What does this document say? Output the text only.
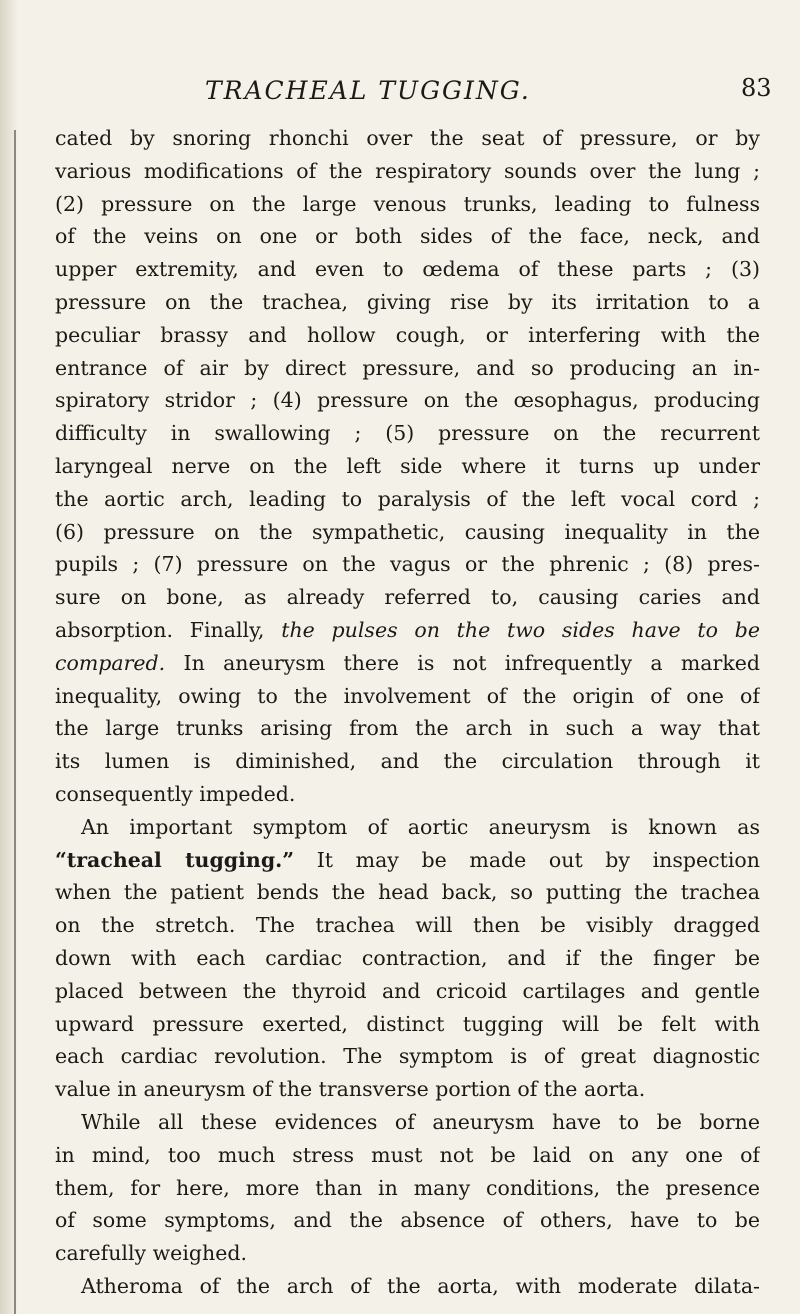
TRACHEAL TUGGING.	83
cated by snoring rhonchi over the seat of pressure, or by
various modifications of the respiratory sounds over the lung ;
(2) pressure on the large venous trunks, leading to fulness
of the veins on one or both sides of the face, neck, and
upper extremity, and even to œdema of these parts ; (3)
pressure on the trachea, giving rise by its irritation to a
peculiar brassy and hollow cough, or interfering with the
entrance of air by direct pressure, and so producing an in-
spiratory stridor ; (4) pressure on the œsophagus, producing
difficulty in swallowing ; (5) pressure on the recurrent
laryngeal nerve on the left side where it turns up under
the aortic arch, leading to paralysis of the left vocal cord ;
(6) pressure on the sympathetic, causing inequality in the
pupils ; (7) pressure on the vagus or the phrenic ; (8) pres-
sure on bone, as already referred to, causing caries and
absorption. Finally, the pulses on the two sides have to be
compared. In aneurysm there is not infrequently a marked
inequality, owing to the involvement of the origin of one of
the large trunks arising from the arch in such a way that
its lumen is diminished, and the circulation through it
consequently impeded.
An important symptom of aortic aneurysm is known as
“tracheal tugging.” It may be made out by inspection
when the patient bends the head back, so putting the trachea
on the stretch. The trachea will then be visibly dragged
down with each cardiac contraction, and if the finger be
placed between the thyroid and cricoid cartilages and gentle
upward pressure exerted, distinct tugging will be felt with
each cardiac revolution. The symptom is of great diagnostic
value in aneurysm of the transverse portion of the aorta.
While all these evidences of aneurysm have to be borne
in mind, too much stress must not be laid on any one of
them, for here, more than in many conditions, the presence
of some symptoms, and the absence of others, have to be
carefully weighed.
Atheroma of the arch of the aorta, with moderate dilata-
